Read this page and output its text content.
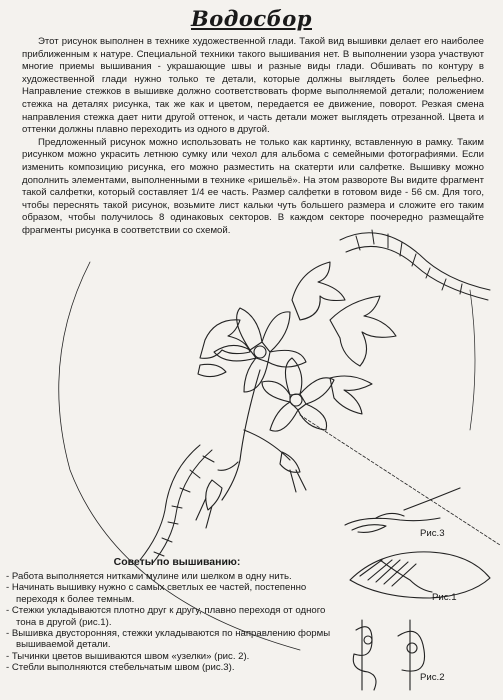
Водосбор

Этот рисунок выполнен в технике художественной глади. Такой вид вышивки делает его наиболее приближенным к натуре. Специальной техники такого вышивания нет. В выполнении узора участвуют многие приемы вышивания - украшающие швы и разные виды глади. Обшивать по контуру в художественной глади нужно только те детали, которые должны выглядеть более рельефно. Направление стежков в вышивке должно соответствовать форме выполняемой детали; положением стежка на деталях рисунка, так же как и цветом, передается ее движение, поворот. Резкая смена направления стежка дает нити другой оттенок, и часть детали может выглядеть отрезанной. Цвета и оттенки должны плавно переходить из одного в другой.

Предложенный рисунок можно использовать не только как картинку, вставленную в рамку. Таким рисунком можно украсить летнюю сумку или чехол для альбома с семейными фотографиями. Если изменить композицию рисунка, его можно разместить на скатерти или салфетке. Вышивку можно дополнить элементами, выполненными в технике «ришельё». На этом развороте Вы видите фрагмент такой салфетки, который составляет 1/4 ее часть. Размер салфетки в готовом виде - 56 см. Для того, чтобы переснять такой рисунок, возьмите лист кальки чуть большего размера и сложите его таким образом, чтобы получилось 8 одинаковых секторов. В каждом секторе поочередно размещайте фрагменты рисунка в соответствии со схемой.

Рис.3
Рис.1
Рис.2
Советы по вышиванию:
- Работа выполняется нитками мулине или шелком в одну нить.
- Начинать вышивку нужно с самых светлых ее частей, постепенно переходя к более темным.
- Стежки укладываются плотно друг к другу, плавно переходя от одного тона в другой (рис.1).
- Вышивка двусторонняя, стежки укладываются по направлению формы вышиваемой детали.
- Тычинки цветов вышиваются швом «узелки» (рис. 2).
- Стебли выполняются стебельчатым швом (рис.3).
